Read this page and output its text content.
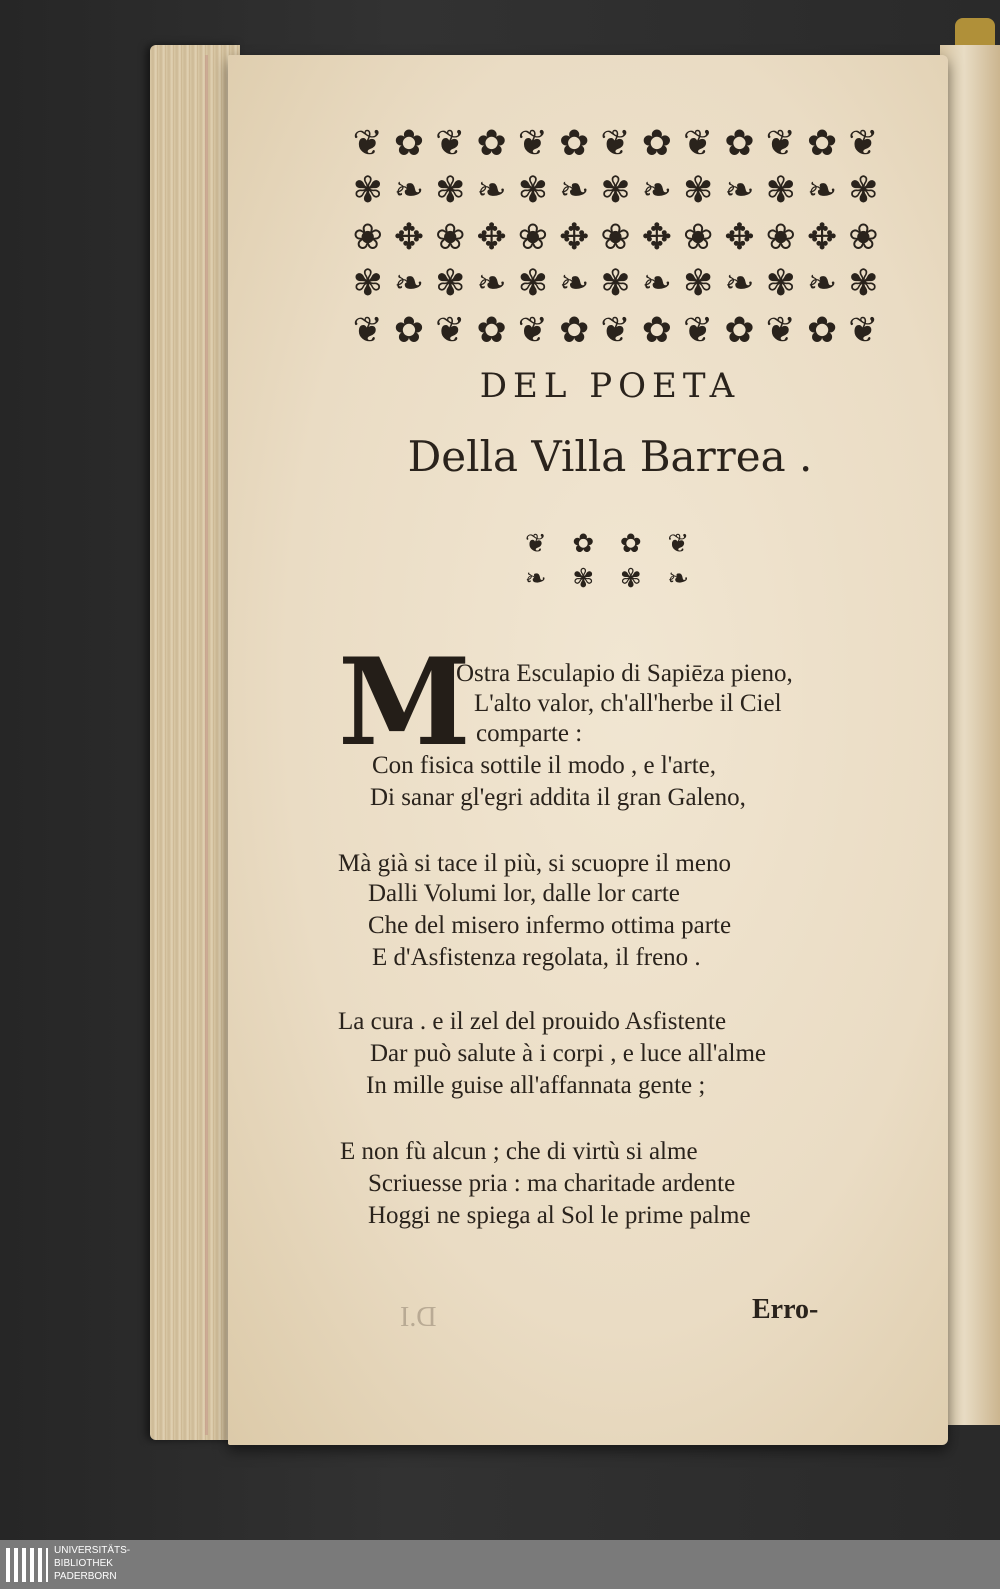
❦ ✿ ❦ ✿ ❦ ✿ ❦ ✿ ❦ ✿ ❦ ✿ ❦
✾ ❧ ✾ ❧ ✾ ❧ ✾ ❧ ✾ ❧ ✾ ❧ ✾
❀ ✥ ❀ ✥ ❀ ✥ ❀ ✥ ❀ ✥ ❀ ✥ ❀
✾ ❧ ✾ ❧ ✾ ❧ ✾ ❧ ✾ ❧ ✾ ❧ ✾
❦ ✿ ❦ ✿ ❦ ✿ ❦ ✿ ❦ ✿ ❦ ✿ ❦
DEL POETA
Della Villa Barrea .
❦ ✿ ✿ ❦
❧ ✾ ✾ ❧
M
Ostra Esculapio di Sapiēza pieno,
L'alto valor, ch'all'herbe il Ciel
comparte :
Con fisica sottile il modo , e l'arte,
Di sanar gl'egri addita il gran Galeno,
Mà già si tace il più, si scuopre il meno
Dalli Volumi lor, dalle lor carte
Che del misero infermo ottima parte
E d'Asfistenza regolata, il freno .
La cura . e il zel del prouido Asfistente
Dar può salute à i corpi , e luce all'alme
In mille guise all'affannata gente ;
E non fù alcun ; che di virtù si alme
Scriuesse pria : ma charitade ardente
Hoggi ne spiega al Sol le prime palme
D.I	Erro-
UNIVERSITÄTS-
BIBLIOTHEK
PADERBORN
